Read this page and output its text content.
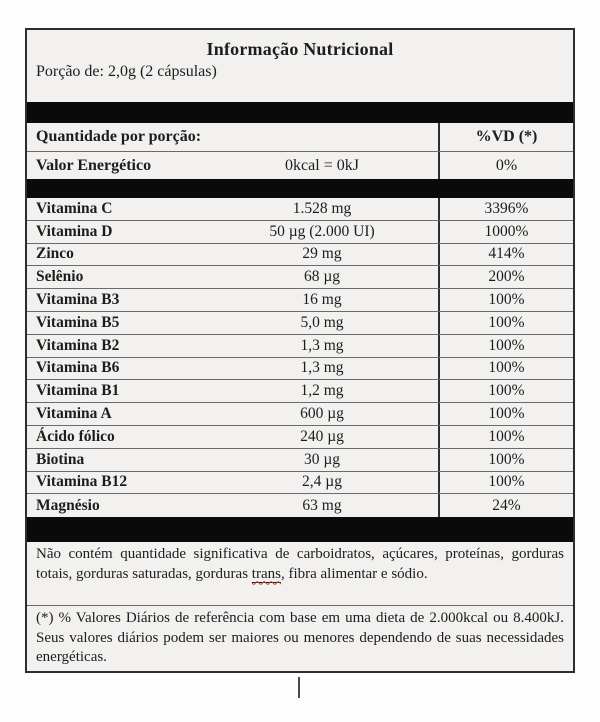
Informação Nutricional
Porção de: 2,0g (2 cápsulas)
Quantidade por porção:	%VD (*)
Valor Energético	0kcal = 0kJ	0%
Vitamina C	1.528 mg	3396%
Vitamina D	50 µg (2.000 UI)	1000%
Zinco	29 mg	414%
Selênio	68 µg	200%
Vitamina B3	16 mg	100%
Vitamina B5	5,0 mg	100%
Vitamina B2	1,3 mg	100%
Vitamina B6	1,3 mg	100%
Vitamina B1	1,2 mg	100%
Vitamina A	600 µg	100%
Ácido fólico	240 µg	100%
Biotina	30 µg	100%
Vitamina B12	2,4 µg	100%
Magnésio	63 mg	24%
Não contém quantidade significativa de carboidratos, açúcares, proteínas, gorduras totais, gorduras saturadas, gorduras trans, fibra alimentar e sódio.
(*) % Valores Diários de referência com base em uma dieta de 2.000kcal ou 8.400kJ. Seus valores diários podem ser maiores ou menores dependendo de suas necessidades energéticas.
